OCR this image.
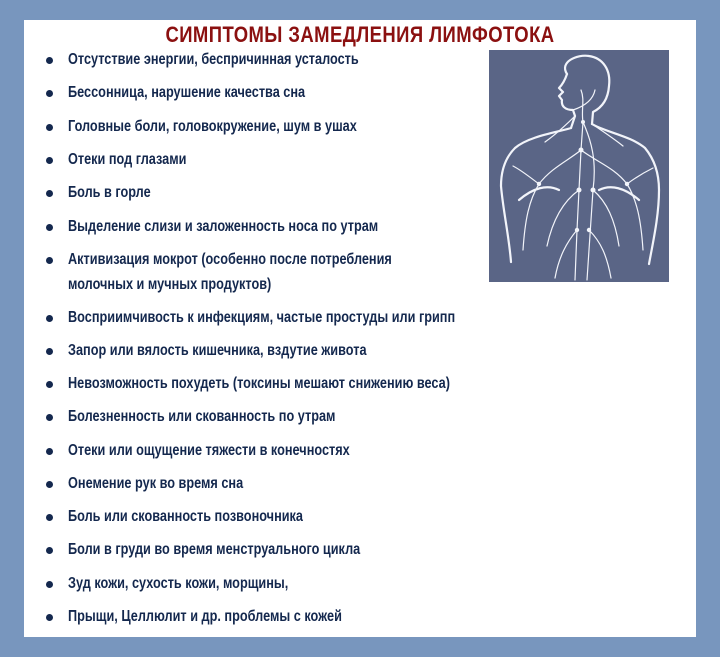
СИМПТОМЫ ЗАМЕДЛЕНИЯ ЛИМФОТОКА
Отсутствие энергии, беспричинная усталость
Бессонница, нарушение качества сна
Головные боли, головокружение, шум в ушах
Отеки под глазами
Боль в горле
Выделение слизи и заложенность носа по утрам
Активизация мокрот (особенно после потребления
молочных и мучных продуктов)
Восприимчивость к инфекциям, частые простуды или грипп
Запор или вялость кишечника, вздутие живота
Невозможность похудеть (токсины мешают снижению веса)
Болезненность или скованность по утрам
Отеки или ощущение тяжести в конечностях
Онемение рук во время сна
Боль или скованность позвоночника
Боли в груди во время менструального цикла
Зуд кожи, сухость кожи, морщины,
Прыщи, Целлюлит и др. проблемы с кожей
